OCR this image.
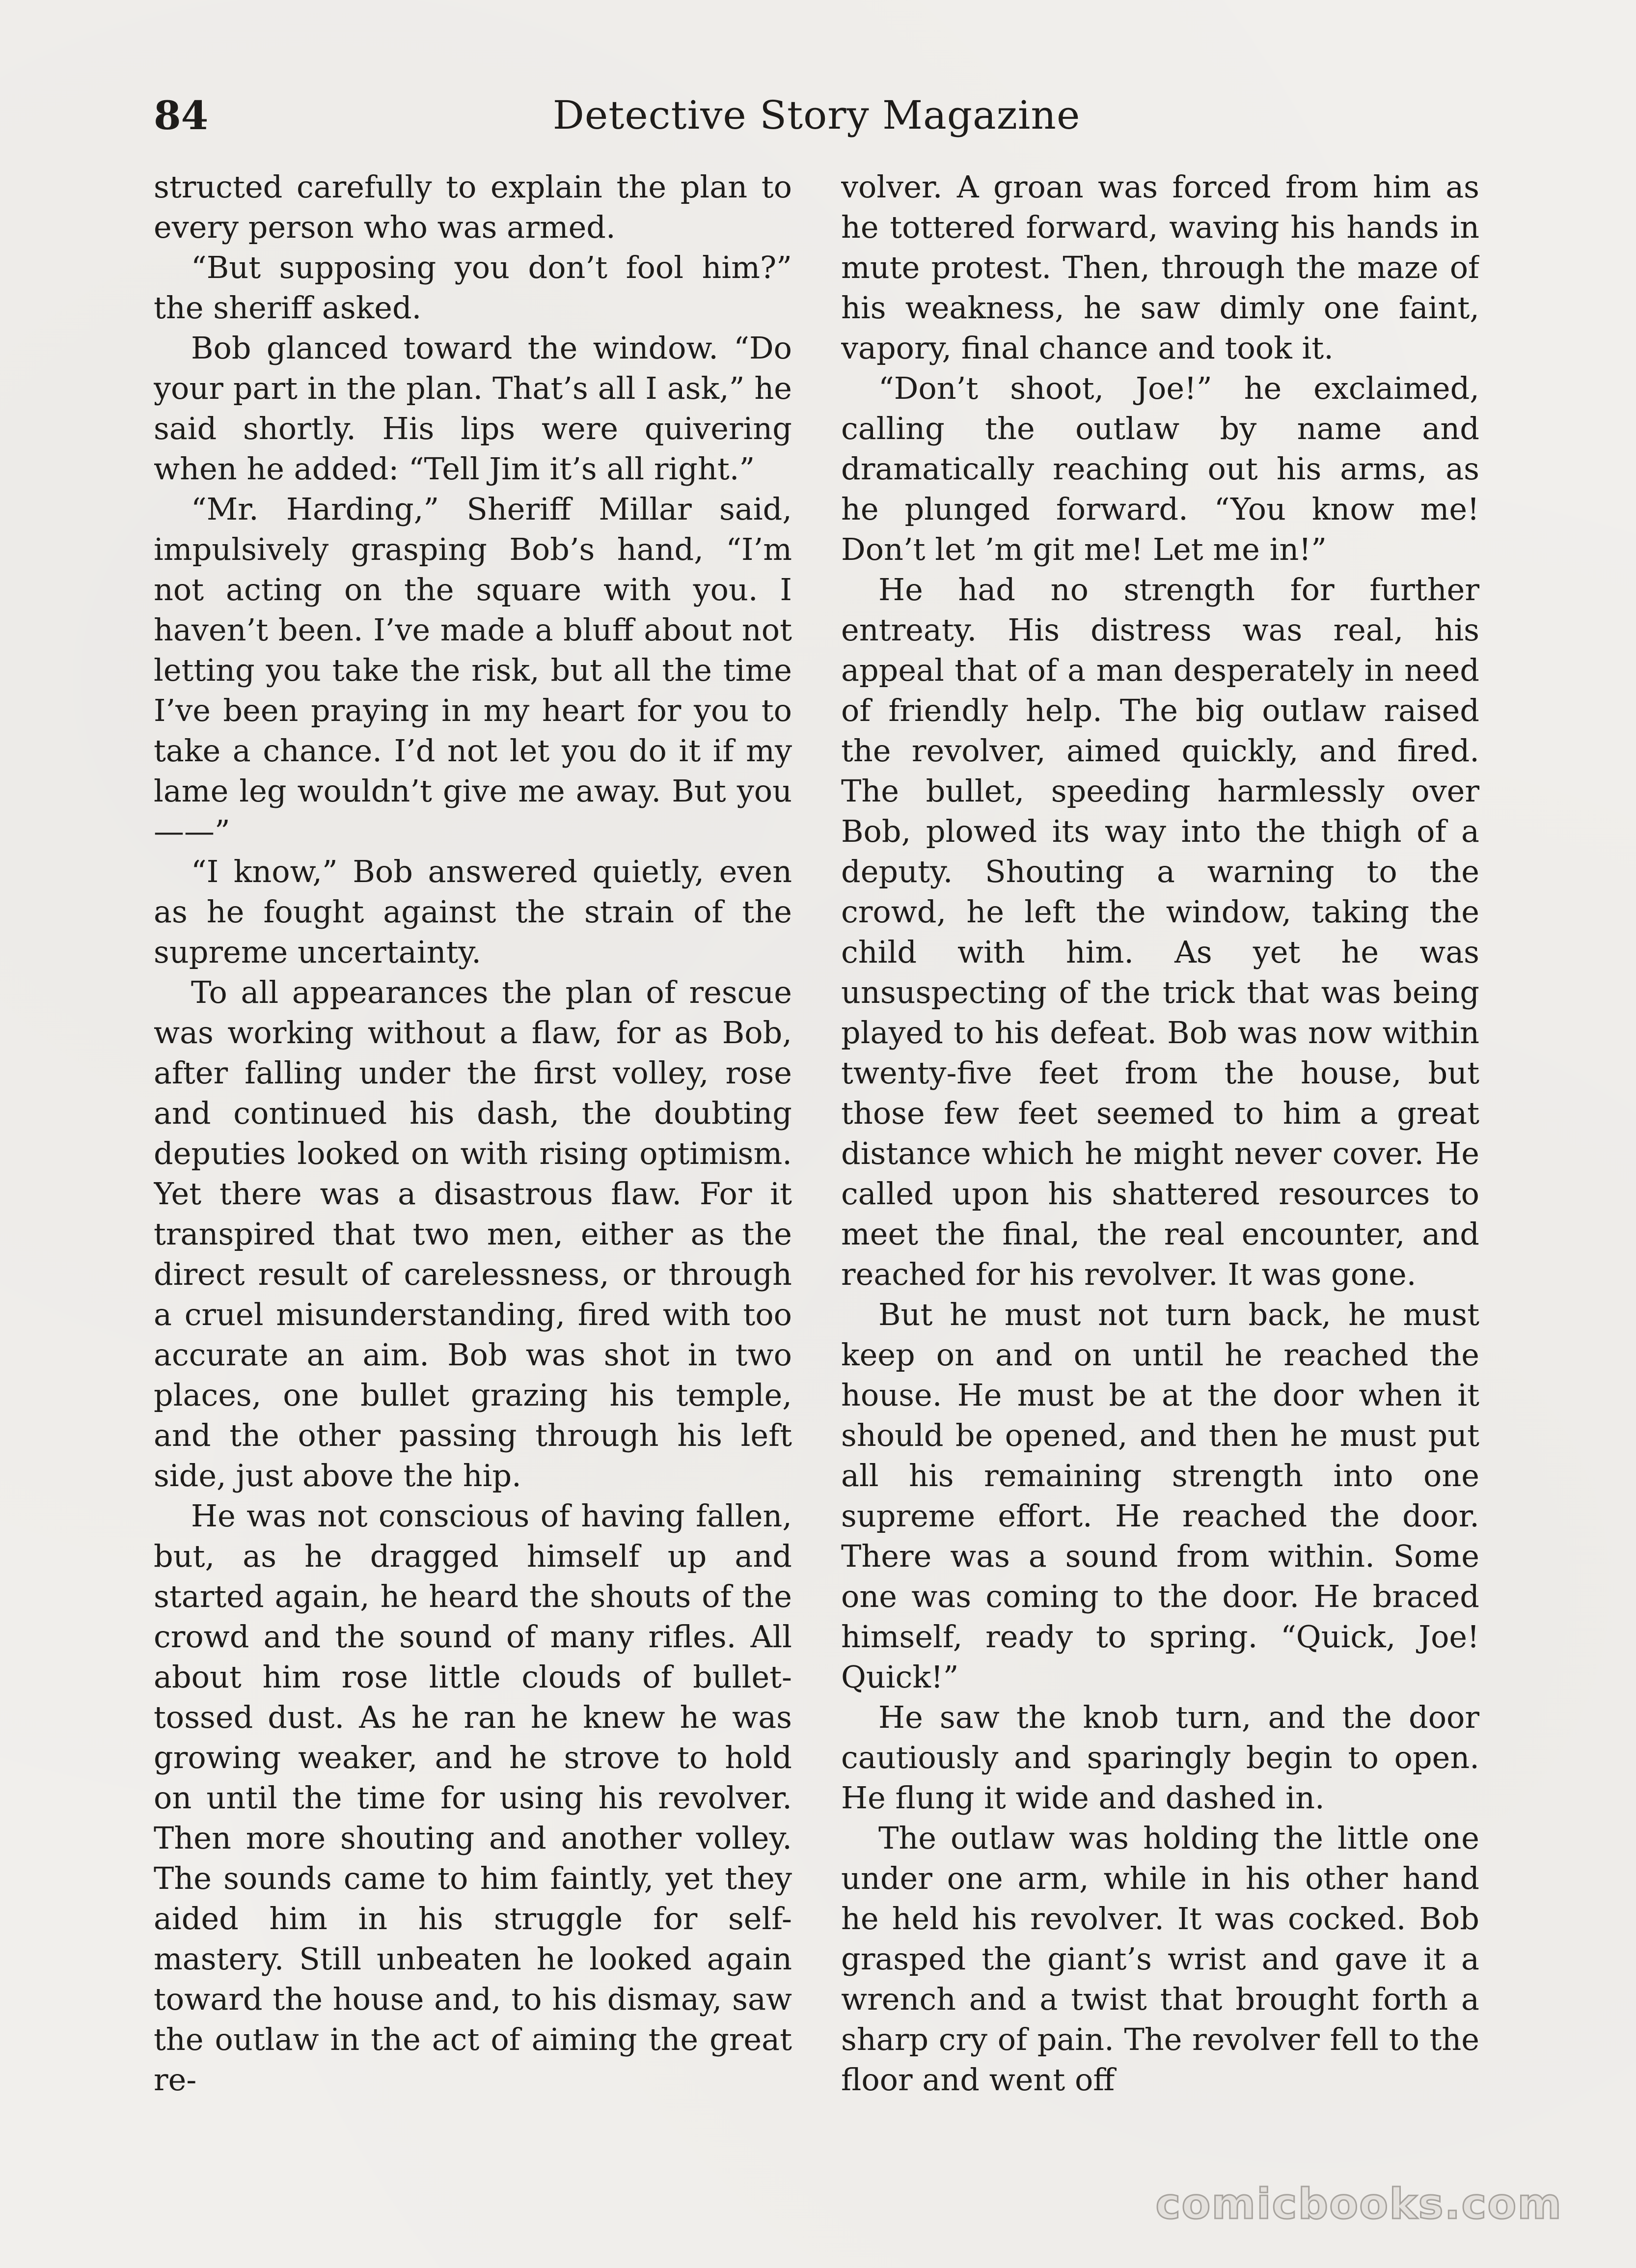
84	Detective Story Magazine

structed carefully to explain the plan to every person who was armed.

“But supposing you don’t fool him?” the sheriff asked.

Bob glanced toward the window. “Do your part in the plan. That’s all I ask,” he said shortly. His lips were quivering when he added: “Tell Jim it’s all right.”

“Mr. Harding,” Sheriff Millar said, impulsively grasping Bob’s hand, “I’m not acting on the square with you. I haven’t been. I’ve made a bluff about not letting you take the risk, but all the time I’ve been praying in my heart for you to take a chance. I’d not let you do it if my lame leg wouldn’t give me away. But you——”

“I know,” Bob answered quietly, even as he fought against the strain of the supreme uncertainty.

To all appearances the plan of rescue was working without a flaw, for as Bob, after falling under the first volley, rose and continued his dash, the doubting deputies looked on with rising optimism. Yet there was a disastrous flaw. For it transpired that two men, either as the direct result of carelessness, or through a cruel misunderstanding, fired with too accurate an aim. Bob was shot in two places, one bullet grazing his temple, and the other passing through his left side, just above the hip.

He was not conscious of having fallen, but, as he dragged himself up and started again, he heard the shouts of the crowd and the sound of many rifles. All about him rose little clouds of bullet-tossed dust. As he ran he knew he was growing weaker, and he strove to hold on until the time for using his revolver. Then more shouting and another volley. The sounds came to him faintly, yet they aided him in his struggle for self-mastery. Still unbeaten he looked again toward the house and, to his dismay, saw the outlaw in the act of aiming the great re-

volver. A groan was forced from him as he tottered forward, waving his hands in mute protest. Then, through the maze of his weakness, he saw dimly one faint, vapory, final chance and took it.

“Don’t shoot, Joe!” he exclaimed, calling the outlaw by name and dramatically reaching out his arms, as he plunged forward. “You know me! Don’t let ’m git me! Let me in!”

He had no strength for further entreaty. His distress was real, his appeal that of a man desperately in need of friendly help. The big outlaw raised the revolver, aimed quickly, and fired. The bullet, speeding harmlessly over Bob, plowed its way into the thigh of a deputy. Shouting a warning to the crowd, he left the window, taking the child with him. As yet he was unsuspecting of the trick that was being played to his defeat. Bob was now within twenty-five feet from the house, but those few feet seemed to him a great distance which he might never cover. He called upon his shattered resources to meet the final, the real encounter, and reached for his revolver. It was gone.

But he must not turn back, he must keep on and on until he reached the house. He must be at the door when it should be opened, and then he must put all his remaining strength into one supreme effort. He reached the door. There was a sound from within. Some one was coming to the door. He braced himself, ready to spring. “Quick, Joe! Quick!”

He saw the knob turn, and the door cautiously and sparingly begin to open. He flung it wide and dashed in.

The outlaw was holding the little one under one arm, while in his other hand he held his revolver. It was cocked. Bob grasped the giant’s wrist and gave it a wrench and a twist that brought forth a sharp cry of pain. The revolver fell to the floor and went off

comicbooks.com
